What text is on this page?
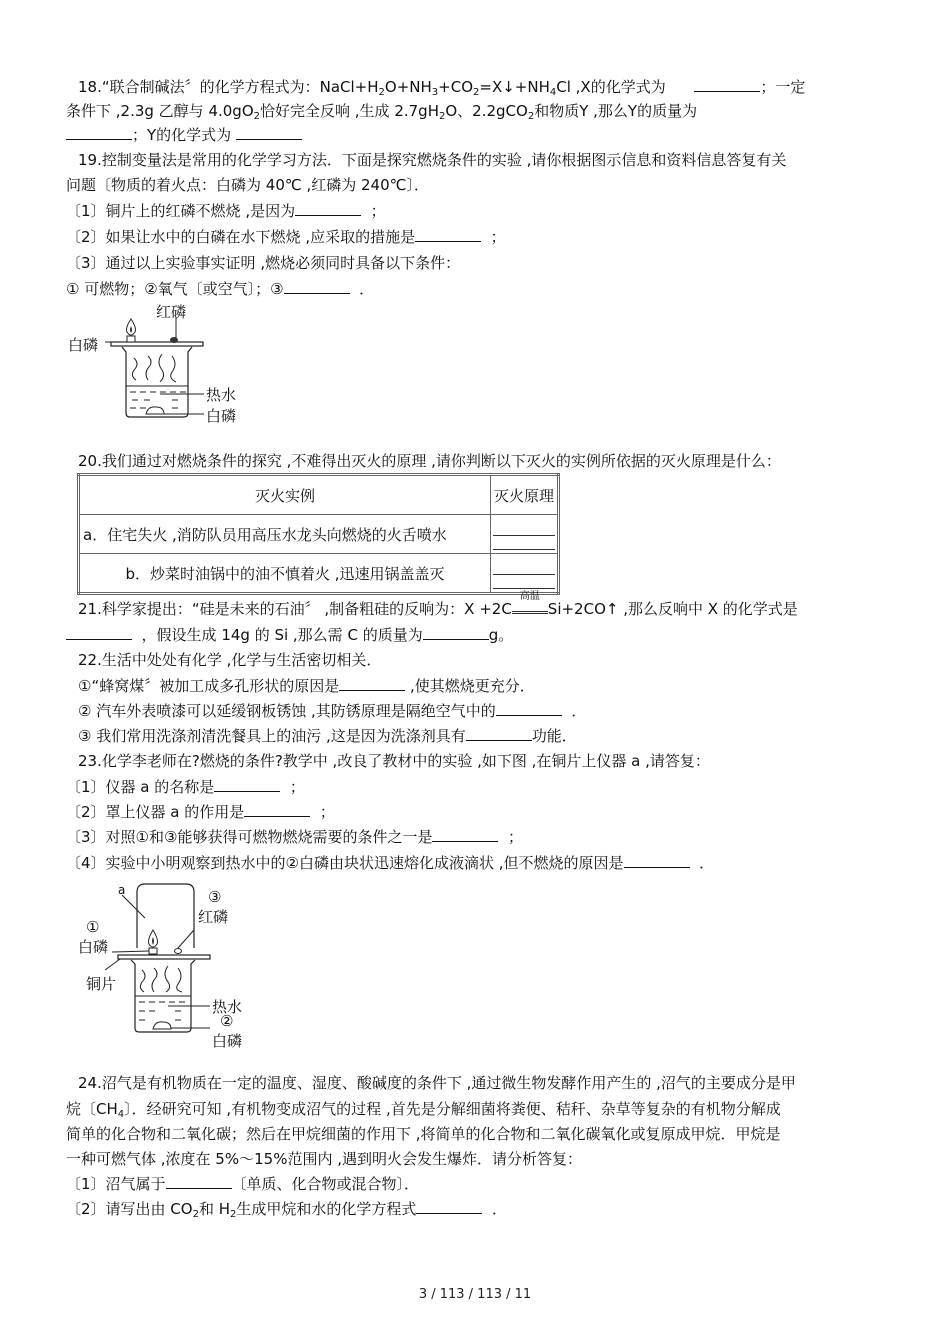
18.“联合制碱法〞的化学方程式为：$NaCl+H_2O+NH_3+CO_2=X↓+NH_4Cl$ ,X的化学式为	；一定
条件下 ,2.3g 乙醇与 $4.0gO_2$恰好完全反响 ,生成 $2.7gH_2O$、2.2gCO$_2$和物质Y ,那么Y的质量为
；Y的化学式为
19.控制变量法是常用的化学学习方法．下面是探究燃烧条件的实验 ,请你根据图示信息和资料信息答复有关
问题〔物质的着火点：白磷为 40℃ ,红磷为 240℃〕．
〔1〕铜片上的红磷不燃烧 ,是因为	；
〔2〕如果让水中的白磷在水下燃烧 ,应采取的措施是	；
〔3〕通过以上实验事实证明 ,燃烧必须同时具备以下条件：
① 可燃物；②氧气〔或空气〕；③	．
红磷
白磷
热水
白磷
20.我们通过对燃烧条件的探究 ,不难得出灭火的原理 ,请你判断以下灭火的实例所依据的灭火原理是什么：
灭火实例	灭火原理
a．住宅失火 ,消防队员用高压水龙头向燃烧的火舌喷水	

b．炒菜时油锅中的油不慎着火 ,迅速用锅盖盖灭	
21.科学家提出：“硅是未来的石油〞 ,制备粗硅的反响为：X +2C
高温
Si+2CO↑ ,那么反响中 X 的化学式是
，假设生成 14g 的 Si ,那么需 C 的质量为	g。
22.生活中处处有化学 ,化学与生活密切相关．
①“蜂窝煤〞被加工成多孔形状的原因是	,使其燃烧更充分．
② 汽车外表喷漆可以延缓钢板锈蚀 ,其防锈原理是隔绝空气中的	．
③ 我们常用洗涤剂清洗餐具上的油污 ,这是因为洗涤剂具有	功能．
23.化学李老师在?燃烧的条件?教学中 ,改良了教材中的实验 ,如下图 ,在铜片上仪器 a ,请答复：
〔1〕仪器 a 的名称是	；
〔2〕罩上仪器 a 的作用是	；
〔3〕对照①和③能够获得可燃物燃烧需要的条件之一是	；
〔4〕实验中小明观察到热水中的②白磷由块状迅速熔化成液滴状 ,但不燃烧的原因是	．
a
①
白磷
③
红磷
铜片
热水
②
白磷
24.沼气是有机物质在一定的温度、湿度、酸碱度的条件下 ,通过微生物发酵作用产生的 ,沼气的主要成分是甲
烷〔$CH_4$〕．经研究可知 ,有机物变成沼气的过程 ,首先是分解细菌将粪便、秸秆、杂草等复杂的有机物分解成
简单的化合物和二氧化碳；然后在甲烷细菌的作用下 ,将简单的化合物和二氧化碳氧化或复原成甲烷．甲烷是
一种可燃气体 ,浓度在 5%～15%范围内 ,遇到明火会发生爆炸．请分析答复：
〔1〕沼气属于	〔单质、化合物或混合物〕．
〔2〕请写出由 $CO_2$和 $H_2$生成甲烷和水的化学方程式	．
3 / 113 / 113 / 11
